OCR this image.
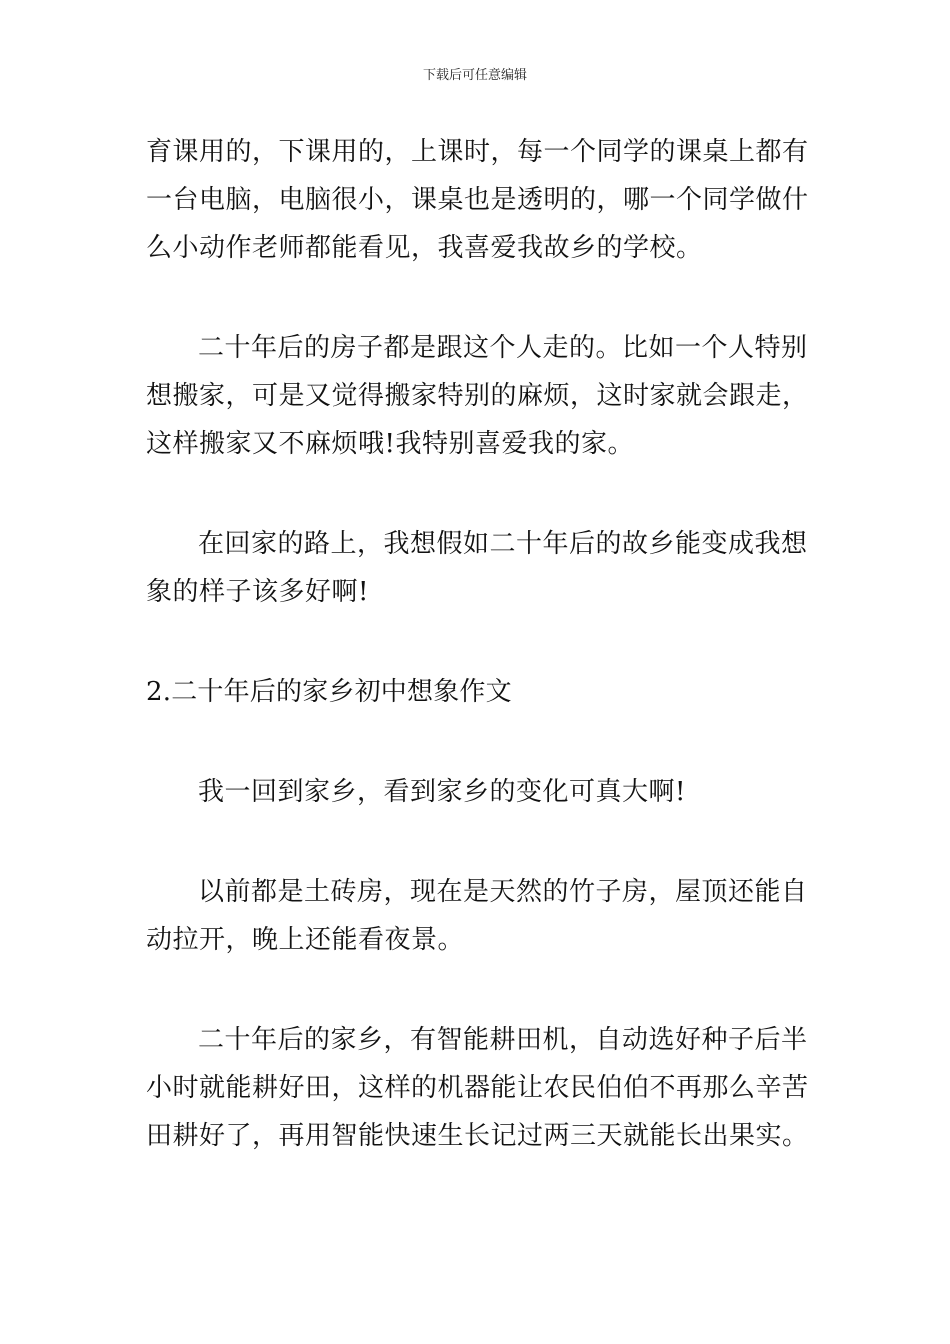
下载后可任意编辑

育课用的，下课用的，上课时，每一个同学的课桌上都有一台电脑，电脑很小，课桌也是透明的，哪一个同学做什么小动作老师都能看见，我喜爱我故乡的学校。

二十年后的房子都是跟这个人走的。比如一个人特别想搬家，可是又觉得搬家特别的麻烦，这时家就会跟走，这样搬家又不麻烦哦!我特别喜爱我的家。

在回家的路上，我想假如二十年后的故乡能变成我想象的样子该多好啊!

2.二十年后的家乡初中想象作文

我一回到家乡，看到家乡的变化可真大啊!

以前都是土砖房，现在是天然的竹子房，屋顶还能自动拉开，晚上还能看夜景。

二十年后的家乡，有智能耕田机，自动选好种子后半小时就能耕好田，这样的机器能让农民伯伯不再那么辛苦田耕好了，再用智能快速生长记过两三天就能长出果实。
